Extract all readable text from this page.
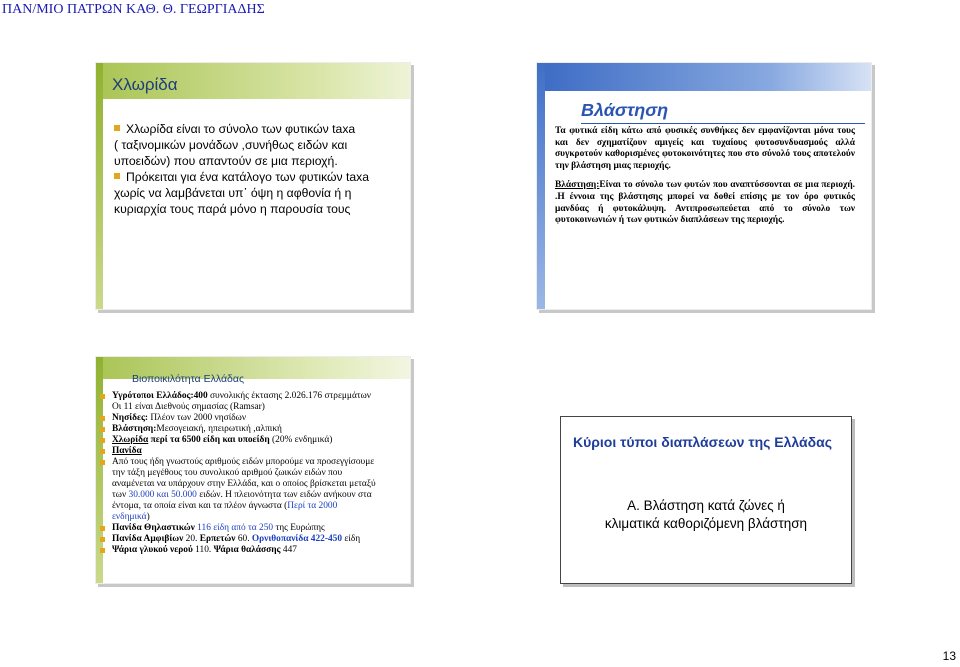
ΠΑΝ/ΜΙΟ ΠΑΤΡΩΝ ΚΑΘ. Θ. ΓΕΩΡΓΙΑΔΗΣ
Χλωρίδα
Χλωρίδα είναι το σύνολο των φυτικών taxa
( ταξινομικών μονάδων ,συνήθως ειδών και
υποειδών) που απαντούν σε μια περιοχή.
Πρόκειται για ένα κατάλογο των φυτικών taxa
χωρίς να λαμβάνεται υπ᾽ όψη η αφθονία ή η
κυριαρχία τους παρά μόνο η παρουσία τους
Βλάστηση

Τα φυτικά είδη κάτω από φυσικές συνθήκες δεν εμφανίζονται μόνα τους και δεν σχηματίζουν αμιγείς και τυχαίους φυτοσυνδυασμούς αλλά συγκροτούν καθορισμένες φυτοκοινότητες που στο σύνολό τους αποτελούν την βλάστηση μιας περιοχής.

Βλάστηση:Είναι το σύνολο των φυτών που αναπτύσσονται σε μια περιοχή. .Η έννοια της βλάστησης μπορεί να δοθεί επίσης με τον όρο φυτικός μανδύας ή φυτοκάλυψη. Αντιπροσωπεύεται από το σύνολο των φυτοκοινωνιών ή των φυτικών διαπλάσεων της περιοχής.

Βιοποικιλότητα Ελλάδας
Υγρότοποι Ελλάδος:400 συνολικής έκτασης 2.026.176 στρεμμάτων
Οι 11 είναι Διεθνούς σημασίας (Ramsar)
Νησίδες: Πλέον των 2000 νησίδων
Βλάστηση:Μεσογειακή, ηπειρωτική ,αλπική
Χλωρίδα περί τα 6500 είδη και υποείδη (20% ενδημικά)
Πανίδα
Από τους ήδη γνωστούς αριθμούς ειδών μπορούμε να προσεγγίσουμε
την τάξη μεγέθους του συνολικού αριθμού ζωικών ειδών που
αναμένεται να υπάρχουν στην Ελλάδα, και ο οποίος βρίσκεται μεταξύ
των 30.000 και 50.000 ειδών. Η πλειονότητα των ειδών ανήκουν στα
έντομα, τα οποία είναι και τα πλέον άγνωστα (Περί τα 2000
ενδημικά)
Πανίδα Θηλαστικών 116 είδη από τα 250 της Ευρώπης
Πανίδα Αμφιβίων 20. Ερπετών 60. Ορνιθοπανίδα 422-450 είδη
Ψάρια γλυκού νερού 110. Ψάρια θαλάσσης 447
Κύριοι τύποι διαπλάσεων της Ελλάδας
Α. Βλάστηση κατά ζώνες ή
κλιματικά καθοριζόμενη βλάστηση
13
